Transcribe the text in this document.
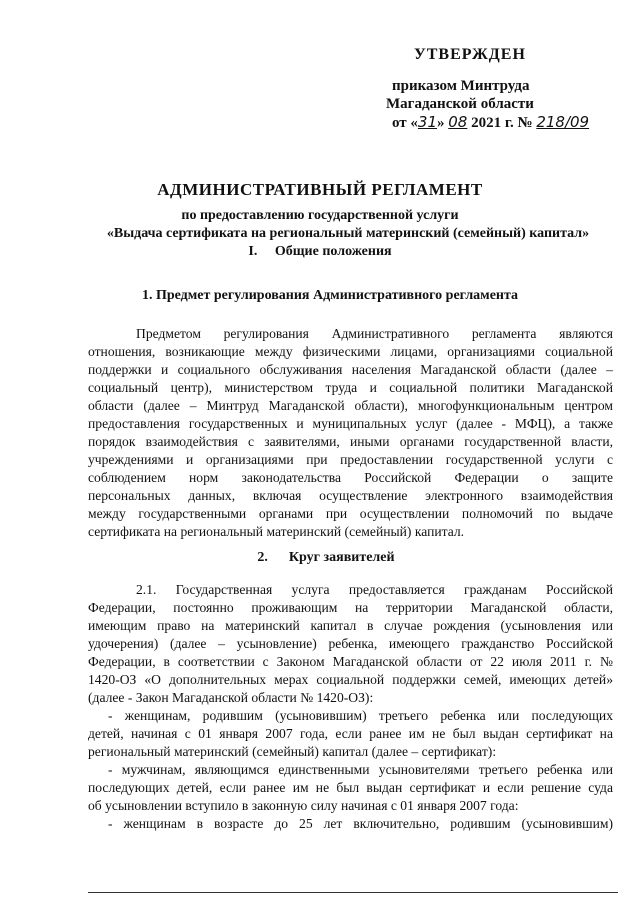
УТВЕРЖДЕН
приказом Минтруда
Магаданской области
от «31» 08 2021 г. № 218/09
АДМИНИСТРАТИВНЫЙ РЕГЛАМЕНТ
по предоставлению государственной услуги
«Выдача сертификата на региональный материнский (семейный) капитал»
I.     Общие положения
1. Предмет регулирования Административного регламента
Предметом регулирования Административного регламента являются
отношения, возникающие между физическими лицами, организациями социальной
поддержки и социального обслуживания населения Магаданской области (далее –
социальный центр), министерством труда и социальной политики Магаданской
области (далее – Минтруд Магаданской области), многофункциональным центром
предоставления государственных и муниципальных услуг (далее - МФЦ), а также
порядок взаимодействия с заявителями, иными органами государственной власти,
учреждениями и организациями при предоставлении государственной услуги с
соблюдением норм законодательства Российской Федерации о защите
персональных данных, включая осуществление электронного взаимодействия
между государственными органами при осуществлении полномочий по выдаче
сертификата на региональный материнский (семейный) капитал.
2.      Круг заявителей
2.1. Государственная услуга предоставляется гражданам Российской
Федерации, постоянно проживающим на территории Магаданской области,
имеющим право на материнский капитал в случае рождения (усыновления или
удочерения) (далее – усыновление) ребенка, имеющего гражданство Российской
Федерации, в соответствии с Законом Магаданской области от 22 июля 2011 г. №
1420-ОЗ «О дополнительных мерах социальной поддержки семей, имеющих детей»
(далее - Закон Магаданской области № 1420-ОЗ):
- женщинам, родившим (усыновившим) третьего ребенка или последующих
детей, начиная с 01 января 2007 года, если ранее им не был выдан сертификат на
региональный материнский (семейный) капитал (далее – сертификат):
- мужчинам, являющимся единственными усыновителями третьего ребенка или
последующих детей, если ранее им не был выдан сертификат и если решение суда
об усыновлении вступило в законную силу начиная с 01 января 2007 года:
- женщинам в возрасте до 25 лет включительно, родившим (усыновившим)
